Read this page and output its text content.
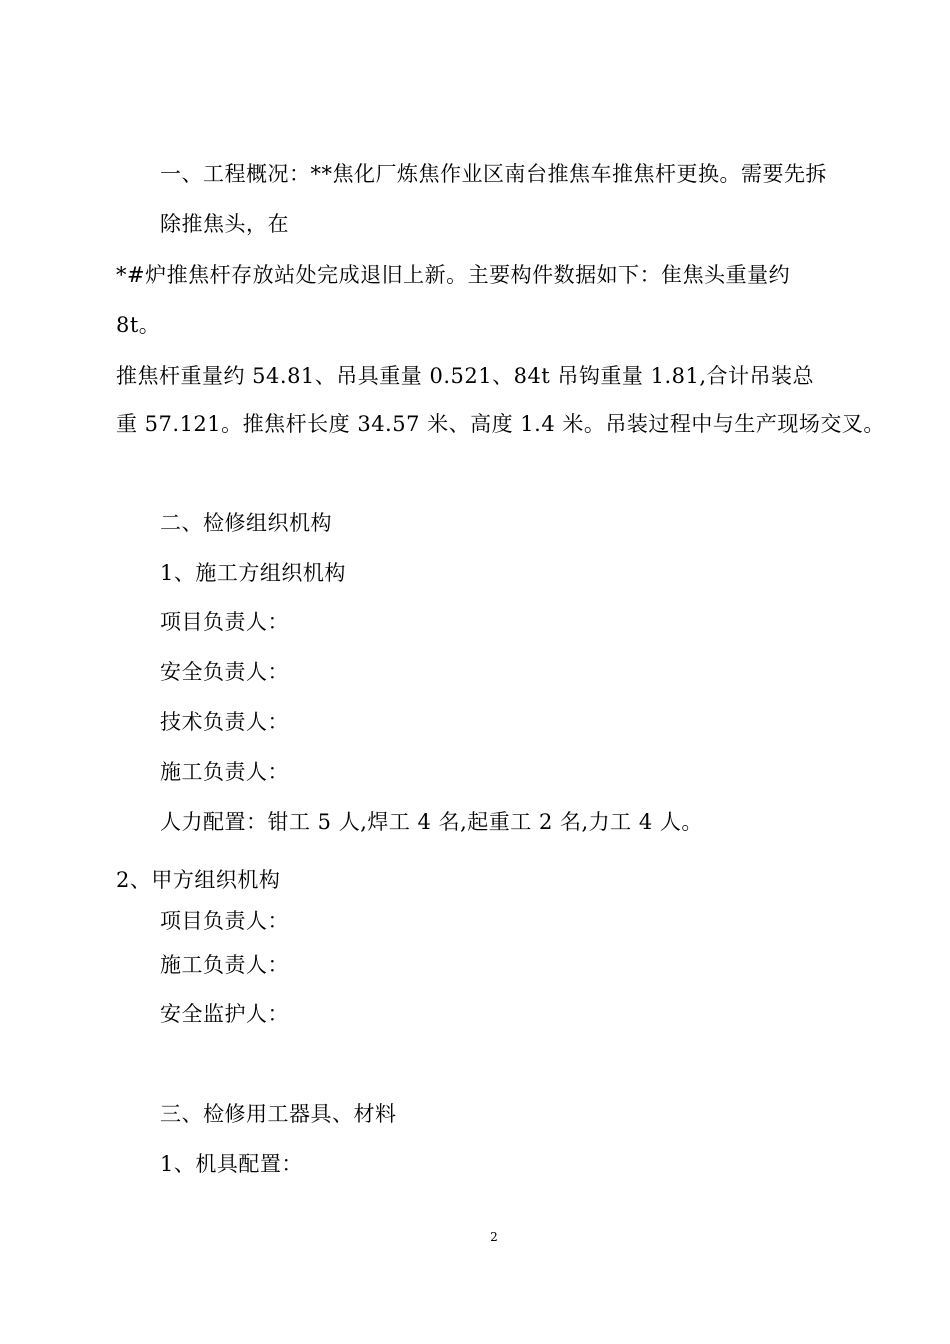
一、工程概况：**焦化厂炼焦作业区南台推焦车推焦杆更换。需要先拆
除推焦头，在
*#炉推焦杆存放站处完成退旧上新。主要构件数据如下：隹焦头重量约
8t。
推焦杆重量约 54.81、吊具重量 0.521、84t 吊钩重量 1.81,合计吊装总
重 57.121。推焦杆长度 34.57 米、高度 1.4 米。吊装过程中与生产现场交叉。
二、检修组织机构
1、施工方组织机构
项目负责人：
安全负责人：
技术负责人：
施工负责人：
人力配置：钳工 5 人,焊工 4 名,起重工 2 名,力工 4 人。
2、甲方组织机构
项目负责人：
施工负责人：
安全监护人：
三、检修用工器具、材料
1、机具配置：
2
